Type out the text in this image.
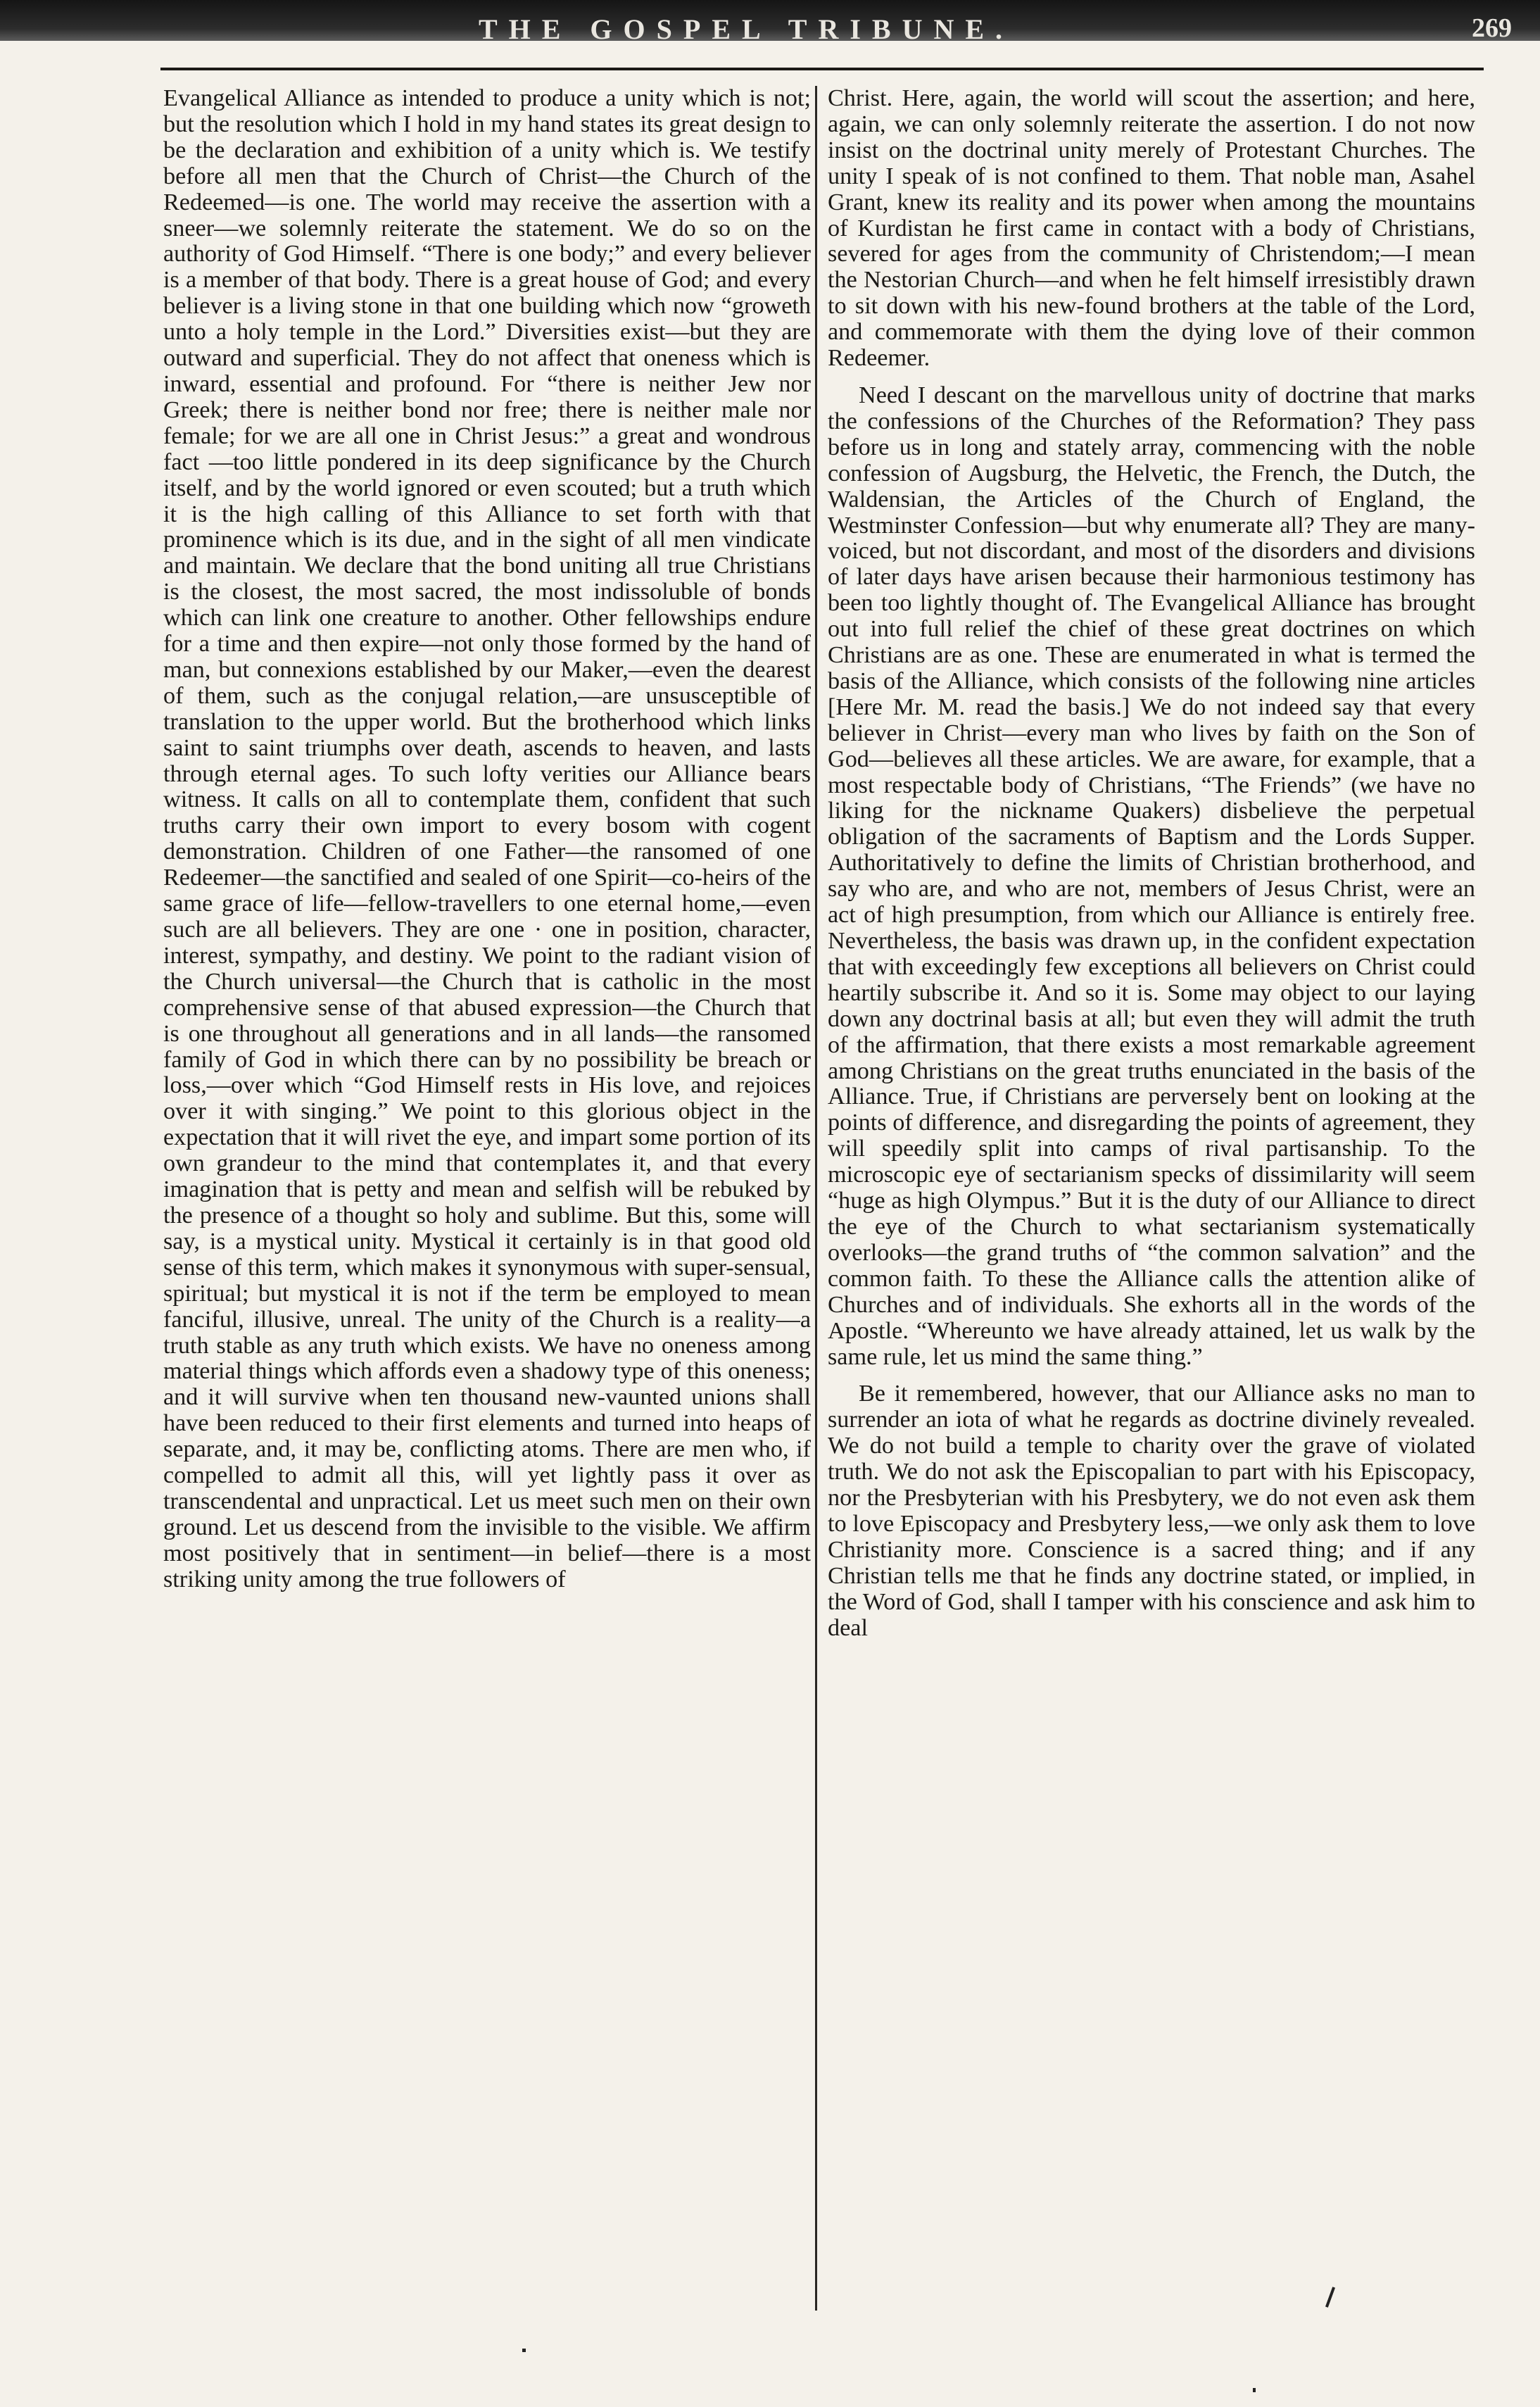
THE GOSPEL TRIBUNE.	269

Evangelical Alliance as intended to produce a unity which is not; but the resolution which I hold in my hand states its great design to be the declaration and exhibition of a unity which is. We testify before all men that the Church of Christ—the Church of the Redeemed—is one. The world may receive the assertion with a sneer—we solemnly reiterate the statement. We do so on the authority of God Himself. “There is one body;” and every believer is a member of that body. There is a great house of God; and every believer is a living stone in that one building which now “groweth unto a holy temple in the Lord.” Diversities exist—but they are outward and superficial. They do not affect that oneness which is inward, essential and profound. For “there is neither Jew nor Greek; there is neither bond nor free; there is neither male nor female; for we are all one in Christ Jesus:” a great and wondrous fact —too little pondered in its deep significance by the Church itself, and by the world ignored or even scouted; but a truth which it is the high calling of this Alliance to set forth with that prominence which is its due, and in the sight of all men vindicate and maintain. We declare that the bond uniting all true Christians is the closest, the most sacred, the most indissoluble of bonds which can link one creature to another. Other fellowships endure for a time and then expire—not only those formed by the hand of man, but connexions established by our Maker,—even the dearest of them, such as the conjugal relation,—are unsusceptible of translation to the upper world. But the brotherhood which links saint to saint triumphs over death, ascends to heaven, and lasts through eternal ages. To such lofty verities our Alliance bears witness. It calls on all to contemplate them, confident that such truths carry their own import to every bosom with cogent demonstration. Children of one Father—the ransomed of one Redeemer—the sanctified and sealed of one Spirit—co-heirs of the same grace of life—fellow-travellers to one eternal home,—even such are all believers. They are one · one in position, character, interest, sympathy, and destiny. We point to the radiant vision of the Church universal—the Church that is catholic in the most comprehensive sense of that abused expression—the Church that is one throughout all generations and in all lands—the ransomed family of God in which there can by no possibility be breach or loss,—over which “God Himself rests in His love, and rejoices over it with singing.” We point to this glorious object in the expectation that it will rivet the eye, and impart some portion of its own grandeur to the mind that contemplates it, and that every imagination that is petty and mean and selfish will be rebuked by the presence of a thought so holy and sublime. But this, some will say, is a mystical unity. Mystical it certainly is in that good old sense of this term, which makes it synonymous with super-sensual, spiritual; but mystical it is not if the term be employed to mean fanciful, illusive, unreal. The unity of the Church is a reality—a truth stable as any truth which exists. We have no oneness among material things which affords even a shadowy type of this oneness; and it will survive when ten thousand new-vaunted unions shall have been reduced to their first elements and turned into heaps of separate, and, it may be, conflicting atoms. There are men who, if compelled to admit all this, will yet lightly pass it over as transcendental and unpractical. Let us meet such men on their own ground. Let us descend from the invisible to the visible. We affirm most positively that in sentiment—in belief—there is a most striking unity among the true followers of

Christ. Here, again, the world will scout the assertion; and here, again, we can only solemnly reiterate the assertion. I do not now insist on the doctrinal unity merely of Protestant Churches. The unity I speak of is not confined to them. That noble man, Asahel Grant, knew its reality and its power when among the mountains of Kurdistan he first came in contact with a body of Christians, severed for ages from the community of Christendom;—I mean the Nestorian Church—and when he felt himself irresistibly drawn to sit down with his new-found brothers at the table of the Lord, and commemorate with them the dying love of their common Redeemer.

Need I descant on the marvellous unity of doctrine that marks the confessions of the Churches of the Reformation? They pass before us in long and stately array, commencing with the noble confession of Augsburg, the Helvetic, the French, the Dutch, the Waldensian, the Articles of the Church of England, the Westminster Confession—but why enumerate all? They are many-voiced, but not discordant, and most of the disorders and divisions of later days have arisen because their harmonious testimony has been too lightly thought of. The Evangelical Alliance has brought out into full relief the chief of these great doctrines on which Christians are as one. These are enumerated in what is termed the basis of the Alliance, which consists of the following nine articles [Here Mr. M. read the basis.] We do not indeed say that every believer in Christ—every man who lives by faith on the Son of God—believes all these articles. We are aware, for example, that a most respectable body of Christians, “The Friends” (we have no liking for the nickname Quakers) disbelieve the perpetual obligation of the sacraments of Baptism and the Lords Supper. Authoritatively to define the limits of Christian brotherhood, and say who are, and who are not, members of Jesus Christ, were an act of high presumption, from which our Alliance is entirely free. Nevertheless, the basis was drawn up, in the confident expectation that with exceedingly few exceptions all believers on Christ could heartily subscribe it. And so it is. Some may object to our laying down any doctrinal basis at all; but even they will admit the truth of the affirmation, that there exists a most remarkable agreement among Christians on the great truths enunciated in the basis of the Alliance. True, if Christians are perversely bent on looking at the points of difference, and disregarding the points of agreement, they will speedily split into camps of rival partisanship. To the microscopic eye of sectarianism specks of dissimilarity will seem “huge as high Olympus.” But it is the duty of our Alliance to direct the eye of the Church to what sectarianism systematically overlooks—the grand truths of “the common salvation” and the common faith. To these the Alliance calls the attention alike of Churches and of individuals. She exhorts all in the words of the Apostle. “Whereunto we have already attained, let us walk by the same rule, let us mind the same thing.”

Be it remembered, however, that our Alliance asks no man to surrender an iota of what he regards as doctrine divinely revealed. We do not build a temple to charity over the grave of violated truth. We do not ask the Episcopalian to part with his Episcopacy, nor the Presbyterian with his Presbytery, we do not even ask them to love Episcopacy and Presbytery less,—we only ask them to love Christianity more. Conscience is a sacred thing; and if any Christian tells me that he finds any doctrine stated, or implied, in the Word of God, shall I tamper with his conscience and ask him to deal
